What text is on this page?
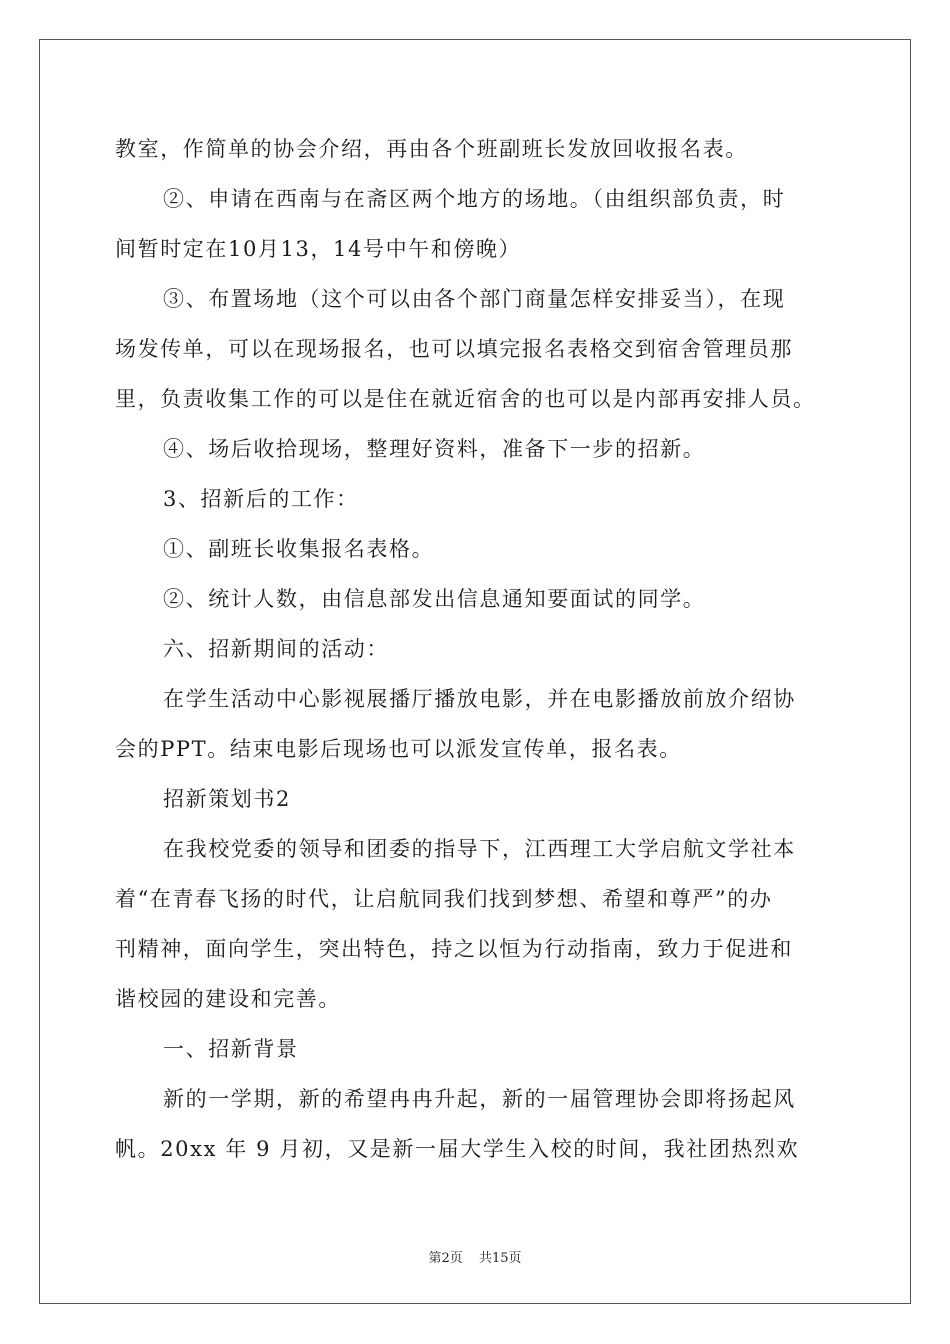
教室，作简单的协会介绍，再由各个班副班长发放回收报名表。

②、申请在西南与在斋区两个地方的场地。（由组织部负责，时

间暂时定在10月13，14号中午和傍晚）

③、布置场地（这个可以由各个部门商量怎样安排妥当），在现

场发传单，可以在现场报名，也可以填完报名表格交到宿舍管理员那

里，负责收集工作的可以是住在就近宿舍的也可以是内部再安排人员。

④、场后收拾现场，整理好资料，准备下一步的招新。

3、招新后的工作：

①、副班长收集报名表格。

②、统计人数，由信息部发出信息通知要面试的同学。

六、招新期间的活动：

在学生活动中心影视展播厅播放电影，并在电影播放前放介绍协

会的PPT。结束电影后现场也可以派发宣传单，报名表。

招新策划书2

在我校党委的领导和团委的指导下，江西理工大学启航文学社本

着“在青春飞扬的时代，让启航同我们找到梦想、希望和尊严”的办

刊精神，面向学生，突出特色，持之以恒为行动指南，致力于促进和

谐校园的建设和完善。

一、招新背景

新的一学期，新的希望冉冉升起，新的一届管理协会即将扬起风

帆。20xx 年 9 月初，又是新一届大学生入校的时间，我社团热烈欢

第2页 共15页
